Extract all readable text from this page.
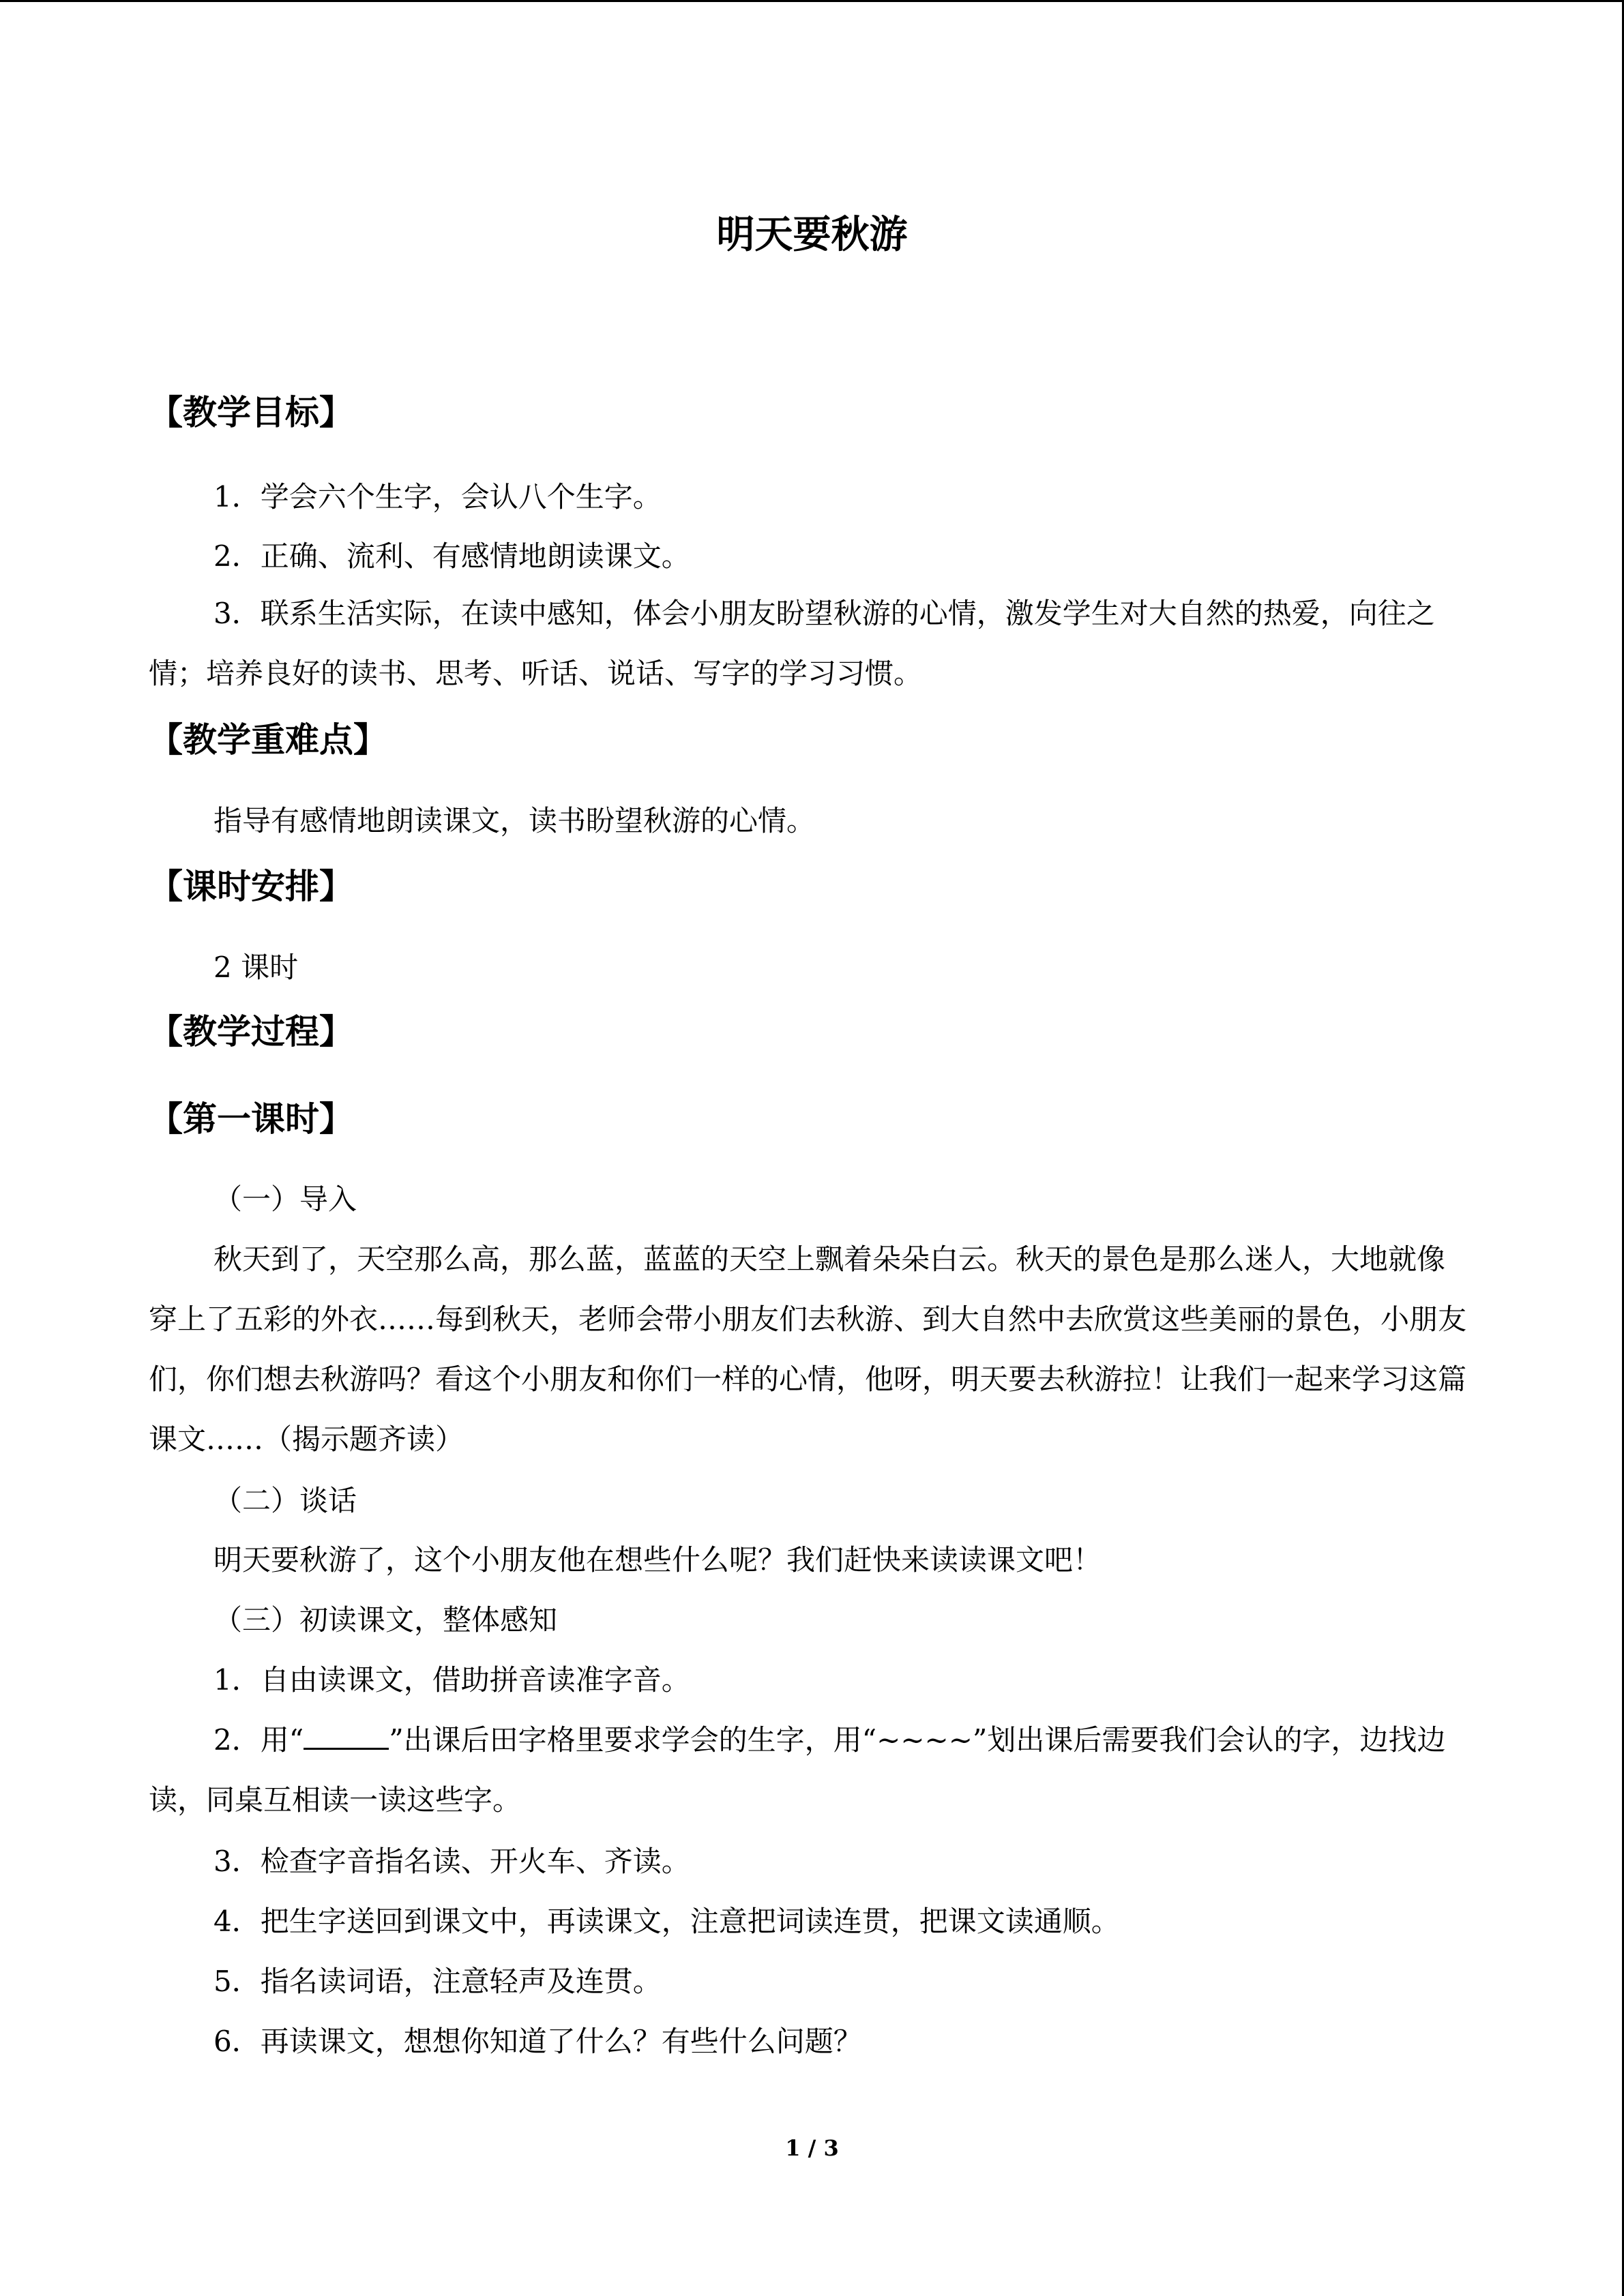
明天要秋游
【教学目标】
1．学会六个生字，会认八个生字。
2．正确、流利、有感情地朗读课文。
3．联系生活实际，在读中感知，体会小朋友盼望秋游的心情，激发学生对大自然的热爱，向往之情；培养良好的读书、思考、听话、说话、写字的学习习惯。
【教学重难点】
指导有感情地朗读课文，读书盼望秋游的心情。
【课时安排】
2 课时
【教学过程】
【第一课时】
（一）导入
秋天到了，天空那么高，那么蓝，蓝蓝的天空上飘着朵朵白云。秋天的景色是那么迷人，大地就像穿上了五彩的外衣……每到秋天，老师会带小朋友们去秋游、到大自然中去欣赏这些美丽的景色，小朋友们，你们想去秋游吗？看这个小朋友和你们一样的心情，他呀，明天要去秋游拉！让我们一起来学习这篇课文……（揭示题齐读）
（二）谈话
明天要秋游了，这个小朋友他在想些什么呢？我们赶快来读读课文吧！
（三）初读课文，整体感知
1．自由读课文，借助拼音读准字音。
2．用“	”出课后田字格里要求学会的生字，用“~~~~”划出课后需要我们会认的字，边找边读，同桌互相读一读这些字。
3．检查字音指名读、开火车、齐读。
4．把生字送回到课文中，再读课文，注意把词读连贯，把课文读通顺。
5．指名读词语，注意轻声及连贯。
6．再读课文，想想你知道了什么？有些什么问题？
1 / 3
